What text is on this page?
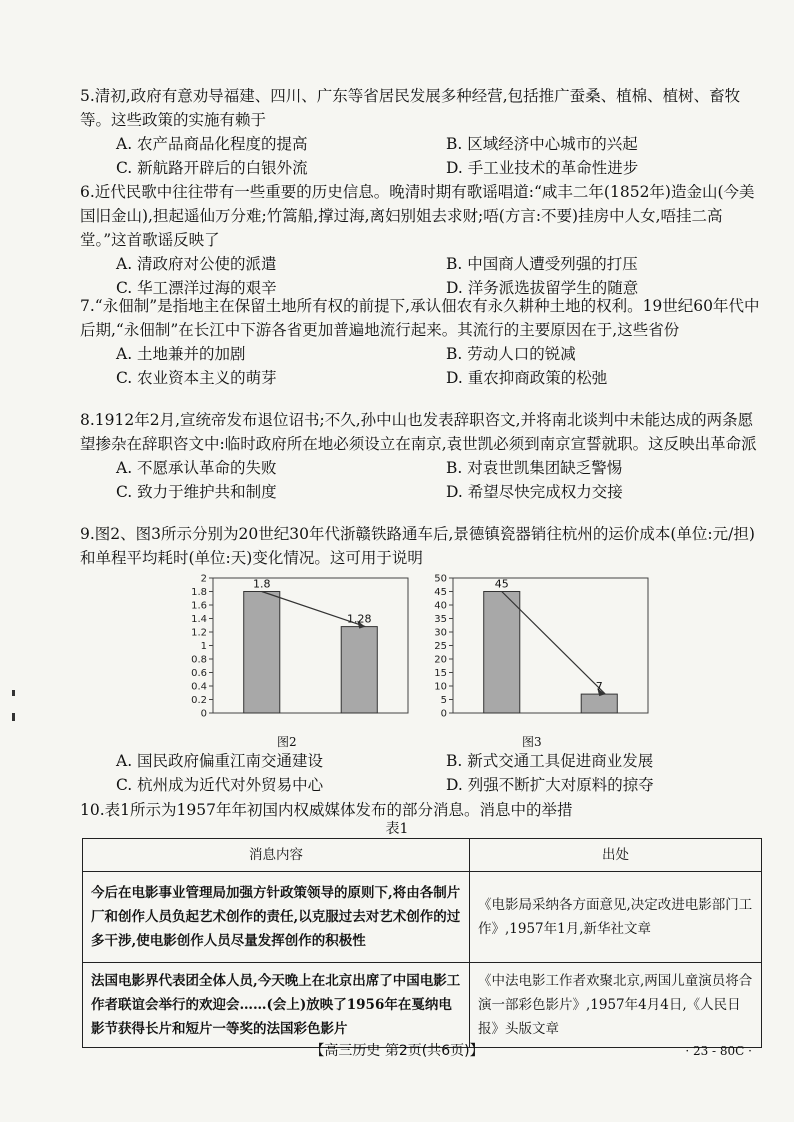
5.清初,政府有意劝导福建、四川、广东等省居民发展多种经营,包括推广蚕桑、植棉、植树、畜牧等。这些政策的实施有赖于
A. 农产品商品化程度的提高	B. 区域经济中心城市的兴起
C. 新航路开辟后的白银外流	D. 手工业技术的革命性进步
6.近代民歌中往往带有一些重要的历史信息。晚清时期有歌谣唱道:“咸丰二年(1852年)造金山(今美国旧金山),担起遥仙万分难;竹篙船,撑过海,离妇别姐去求财;唔(方言:不要)挂房中人女,唔挂二高堂。”这首歌谣反映了
A. 清政府对公使的派遣	B. 中国商人遭受列强的打压
C. 华工漂洋过海的艰辛	D. 洋务派选拔留学生的随意
7.“永佃制”是指地主在保留土地所有权的前提下,承认佃农有永久耕种土地的权利。19世纪60年代中后期,“永佃制”在长江中下游各省更加普遍地流行起来。其流行的主要原因在于,这些省份
A. 土地兼并的加剧	B. 劳动人口的锐减
C. 农业资本主义的萌芽	D. 重农抑商政策的松弛
8.1912年2月,宣统帝发布退位诏书;不久,孙中山也发表辞职咨文,并将南北谈判中未能达成的两条愿望掺杂在辞职咨文中:临时政府所在地必须设立在南京,袁世凯必须到南京宣誓就职。这反映出革命派
A. 不愿承认革命的失败	B. 对袁世凯集团缺乏警惕
C. 致力于维护共和制度	D. 希望尽快完成权力交接
9.图2、图3所示分别为20世纪30年代浙赣铁路通车后,景德镇瓷器销往杭州的运价成本(单位:元/担)和单程平均耗时(单位:天)变化情况。这可用于说明
0
0.2
0.4
0.6
0.8
1
1.2
1.4
1.6
1.8
2	1.8
1.28
0
5
10
15
20
25
30
35
40
45
50	45
7
图2	图3
A. 国民政府偏重江南交通建设	B. 新式交通工具促进商业发展
C. 杭州成为近代对外贸易中心	D. 列强不断扩大对原料的掠夺
10.表1所示为1957年年初国内权威媒体发布的部分消息。消息中的举措
表1
消息内容	出处
今后在电影事业管理局加强方针政策领导的原则下,将由各制片厂和创作人员负起艺术创作的责任,以克服过去对艺术创作的过多干涉,使电影创作人员尽量发挥创作的积极性	《电影局采纳各方面意见,决定改进电影部门工作》,1957年1月,新华社文章
法国电影界代表团全体人员,今天晚上在北京出席了中国电影工作者联谊会举行的欢迎会……(会上)放映了1956年在戛纳电影节获得长片和短片一等奖的法国彩色影片	《中法电影工作者欢聚北京,两国儿童演员将合演一部彩色影片》,1957年4月4日,《人民日报》头版文章
【高三历史 第2页(共6页)】	· 23 - 80C ·
